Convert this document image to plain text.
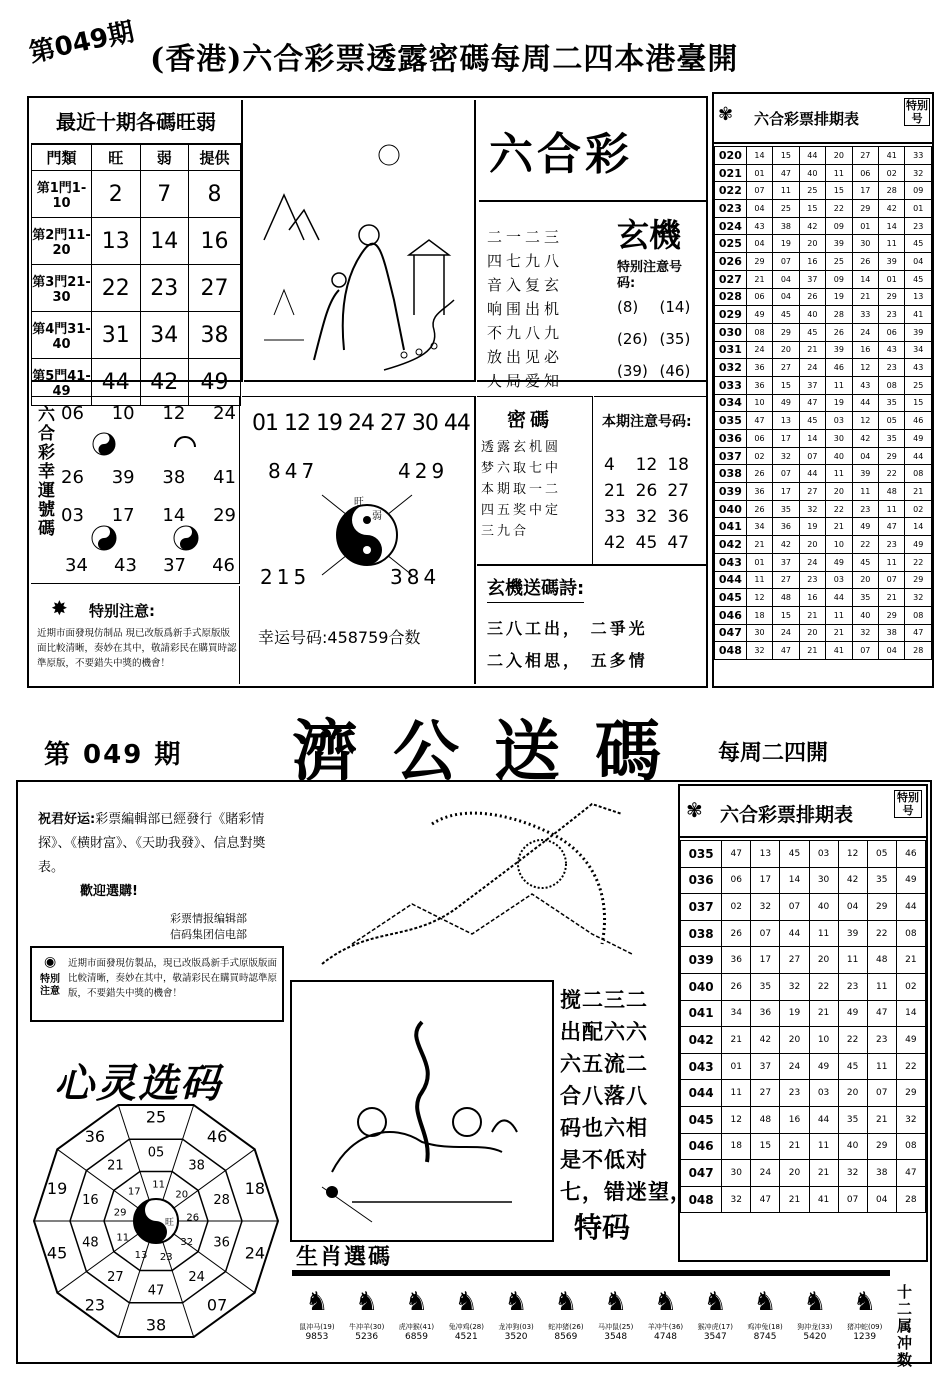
第049期 (香港)六合彩票透露密碼每周二四本港臺開
最近十期各碼旺弱
門類	旺	弱	提供
第1門1-10	2	7	8
第2門11-20	13	14	16
第3門21-30	22	23	27
第4門31-40	31	34	38
第5門41-49	44	42	49
六合彩
玄機
二一二三
四七九八
音入复玄
响围出机
不九八九
放出见必
人局爱知
特别注意号码:
(8)	(14)
(26) (35)
(39) (46)
六合彩幸運號碼 06 10 12 24
26 39 38 41
03 17 14 29
34 43 37 46
✸ 特别注意:
近期市面發現仿制品 現已改版爲新手式原版版面比較清晰，奏妙在其中，敬請彩民在購買時認準原版，不要錯失中獎的機會！
01 12 19 24 27 30 44
847	429
旺
弱
215	384
幸运号码:458759合数
密碼
透露玄机圆
梦六取七中
本期取一二
四五奖中定
三九合
本期注意号码:
4	12 18
21 26 27
33 32 36
42 45 47
玄機送碼詩:
三八工出， 二爭光
二入相思， 五多情
✾ 六合彩票排期表
特别号
020	14	15	44	20	27	41	33
021	01	47	40	11	06	02	32
022	07	11	25	15	17	28	09
023	04	25	15	22	29	42	01
024	43	38	42	09	01	14	23
025	04	19	20	39	30	11	45
026	29	07	16	25	26	39	04
027	21	04	37	09	14	01	45
028	06	04	26	19	21	29	13
029	49	45	40	28	33	23	41
030	08	29	45	26	24	06	39
031	24	20	21	39	16	43	34
032	36	27	24	46	12	23	43
033	36	15	37	11	43	08	25
034	10	49	47	19	44	35	15
035	47	13	45	03	12	05	46
036	06	17	14	30	42	35	49
037	02	32	07	40	04	29	44
038	26	07	44	11	39	22	08
039	36	17	27	20	11	48	21
040	26	35	32	22	23	11	02
041	34	36	19	21	49	47	14
042	21	42	20	10	22	23	49
043	01	37	24	49	45	11	22
044	11	27	23	03	20	07	29
045	12	48	16	44	35	21	32
046	18	15	21	11	40	29	08
047	30	24	20	21	32	38	47
048	32	47	21	41	07	04	28
第 049 期 濟 公 送 碼 每周二四開
祝君好运:彩票編輯部已經發行《賭彩情探》、《横財富》、《天助我發》、信息對奬表。
歡迎選購!
彩票情报编辑部
信码集团信电部
◉
特別注意
近期市面發現仿製品，現已改版爲新手式原版版面比較清晰，奏妙在其中，敬請彩民在購買時認準原版，不要錯失中獎的機會！	搅二三二
出配六六
六五流二
合八落八
码也六相
是不低对
七，错迷望，
特码
心灵选码
36
25
46
18
24
07
38
23
45
19
21
05
38
28
36
24
47
27
48
16
17
11
20
26
32
23
13
11
29
旺
✾ 六合彩票排期表
特别号
035	47	13	45	03	12	05	46
036	06	17	14	30	42	35	49
037	02	32	07	40	04	29	44
038	26	07	44	11	39	22	08
039	36	17	27	20	11	48	21
040	26	35	32	22	23	11	02
041	34	36	19	21	49	47	14
042	21	42	20	10	22	23	49
043	01	37	24	49	45	11	22
044	11	27	23	03	20	07	29
045	12	48	16	44	35	21	32
046	18	15	21	11	40	29	08
047	30	24	20	21	32	38	47
048	32	47	21	41	07	04	28
生肖選碼
♞
鼠冲马(19)
9853
♞
牛冲羊(30)
5236
♞
虎冲猴(41)
6859
♞
兔冲鸡(28)
4521
♞
龙冲狗(03)
3520
♞
蛇冲猪(26)
8569
♞
马冲鼠(25)
3548
♞
羊冲牛(36)
4748
♞
猴冲虎(17)
3547
♞
鸡冲兔(18)
8745
♞
狗冲龙(33)
5420
♞
猪冲蛇(09)
1239	十二属冲数
